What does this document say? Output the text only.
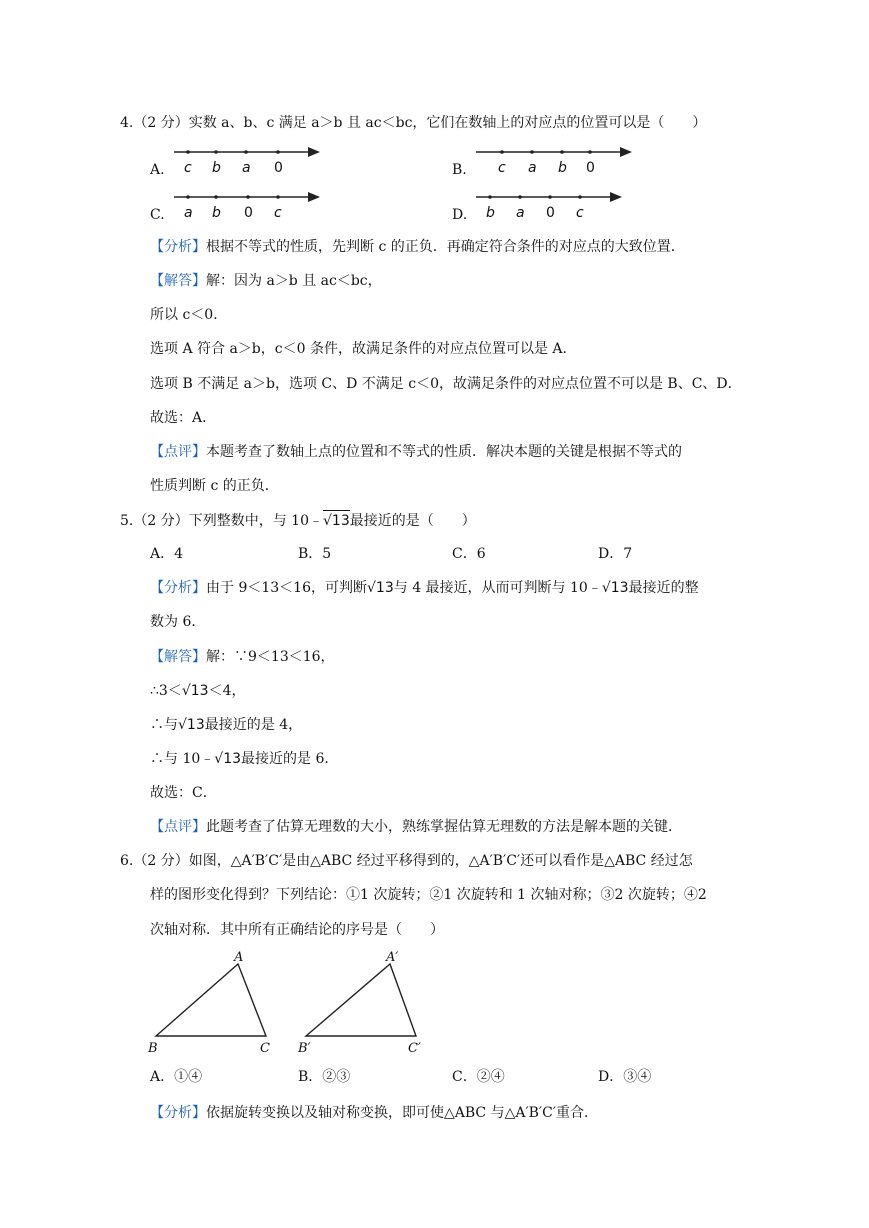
4.（2 分）实数 a、b、c 满足 a＞b 且 ac＜bc，它们在数轴上的对应点的位置可以是（　　）
A. c b a 0	B. c a b 0
C. a b 0 c	D. b a 0 c
【分析】根据不等式的性质，先判断 c 的正负．再确定符合条件的对应点的大致位置．
【解答】解：因为 a＞b 且 ac＜bc，
所以 c＜0．
选项 A 符合 a＞b，c＜0 条件，故满足条件的对应点位置可以是 A．
选项 B 不满足 a＞b，选项 C、D 不满足 c＜0，故满足条件的对应点位置不可以是 B、C、D．
故选：A．
【点评】本题考查了数轴上点的位置和不等式的性质．解决本题的关键是根据不等式的
性质判断 c 的正负．
5.（2 分）下列整数中，与 10﹣√13最接近的是（　　）
A．4	B．5	C．6	D．7
【分析】由于 9＜13＜16，可判断√13与 4 最接近，从而可判断与 10﹣√13最接近的整
数为 6．
【解答】解：∵9＜13＜16，
∴3＜√13＜4，
∴与√13最接近的是 4，
∴与 10﹣√13最接近的是 6．
故选：C．
【点评】此题考查了估算无理数的大小，熟练掌握估算无理数的方法是解本题的关键．
6.（2 分）如图，△A′B′C′是由△ABC 经过平移得到的，△A′B′C′还可以看作是△ABC 经过怎
样的图形变化得到？下列结论：①1 次旋转；②1 次旋转和 1 次轴对称；③2 次旋转；④2
次轴对称．其中所有正确结论的序号是（　　）
A
B	C
A′
B′	C′
A．①④	B．②③	C．②④	D．③④
【分析】依据旋转变换以及轴对称变换，即可使△ABC 与△A′B′C′重合．
